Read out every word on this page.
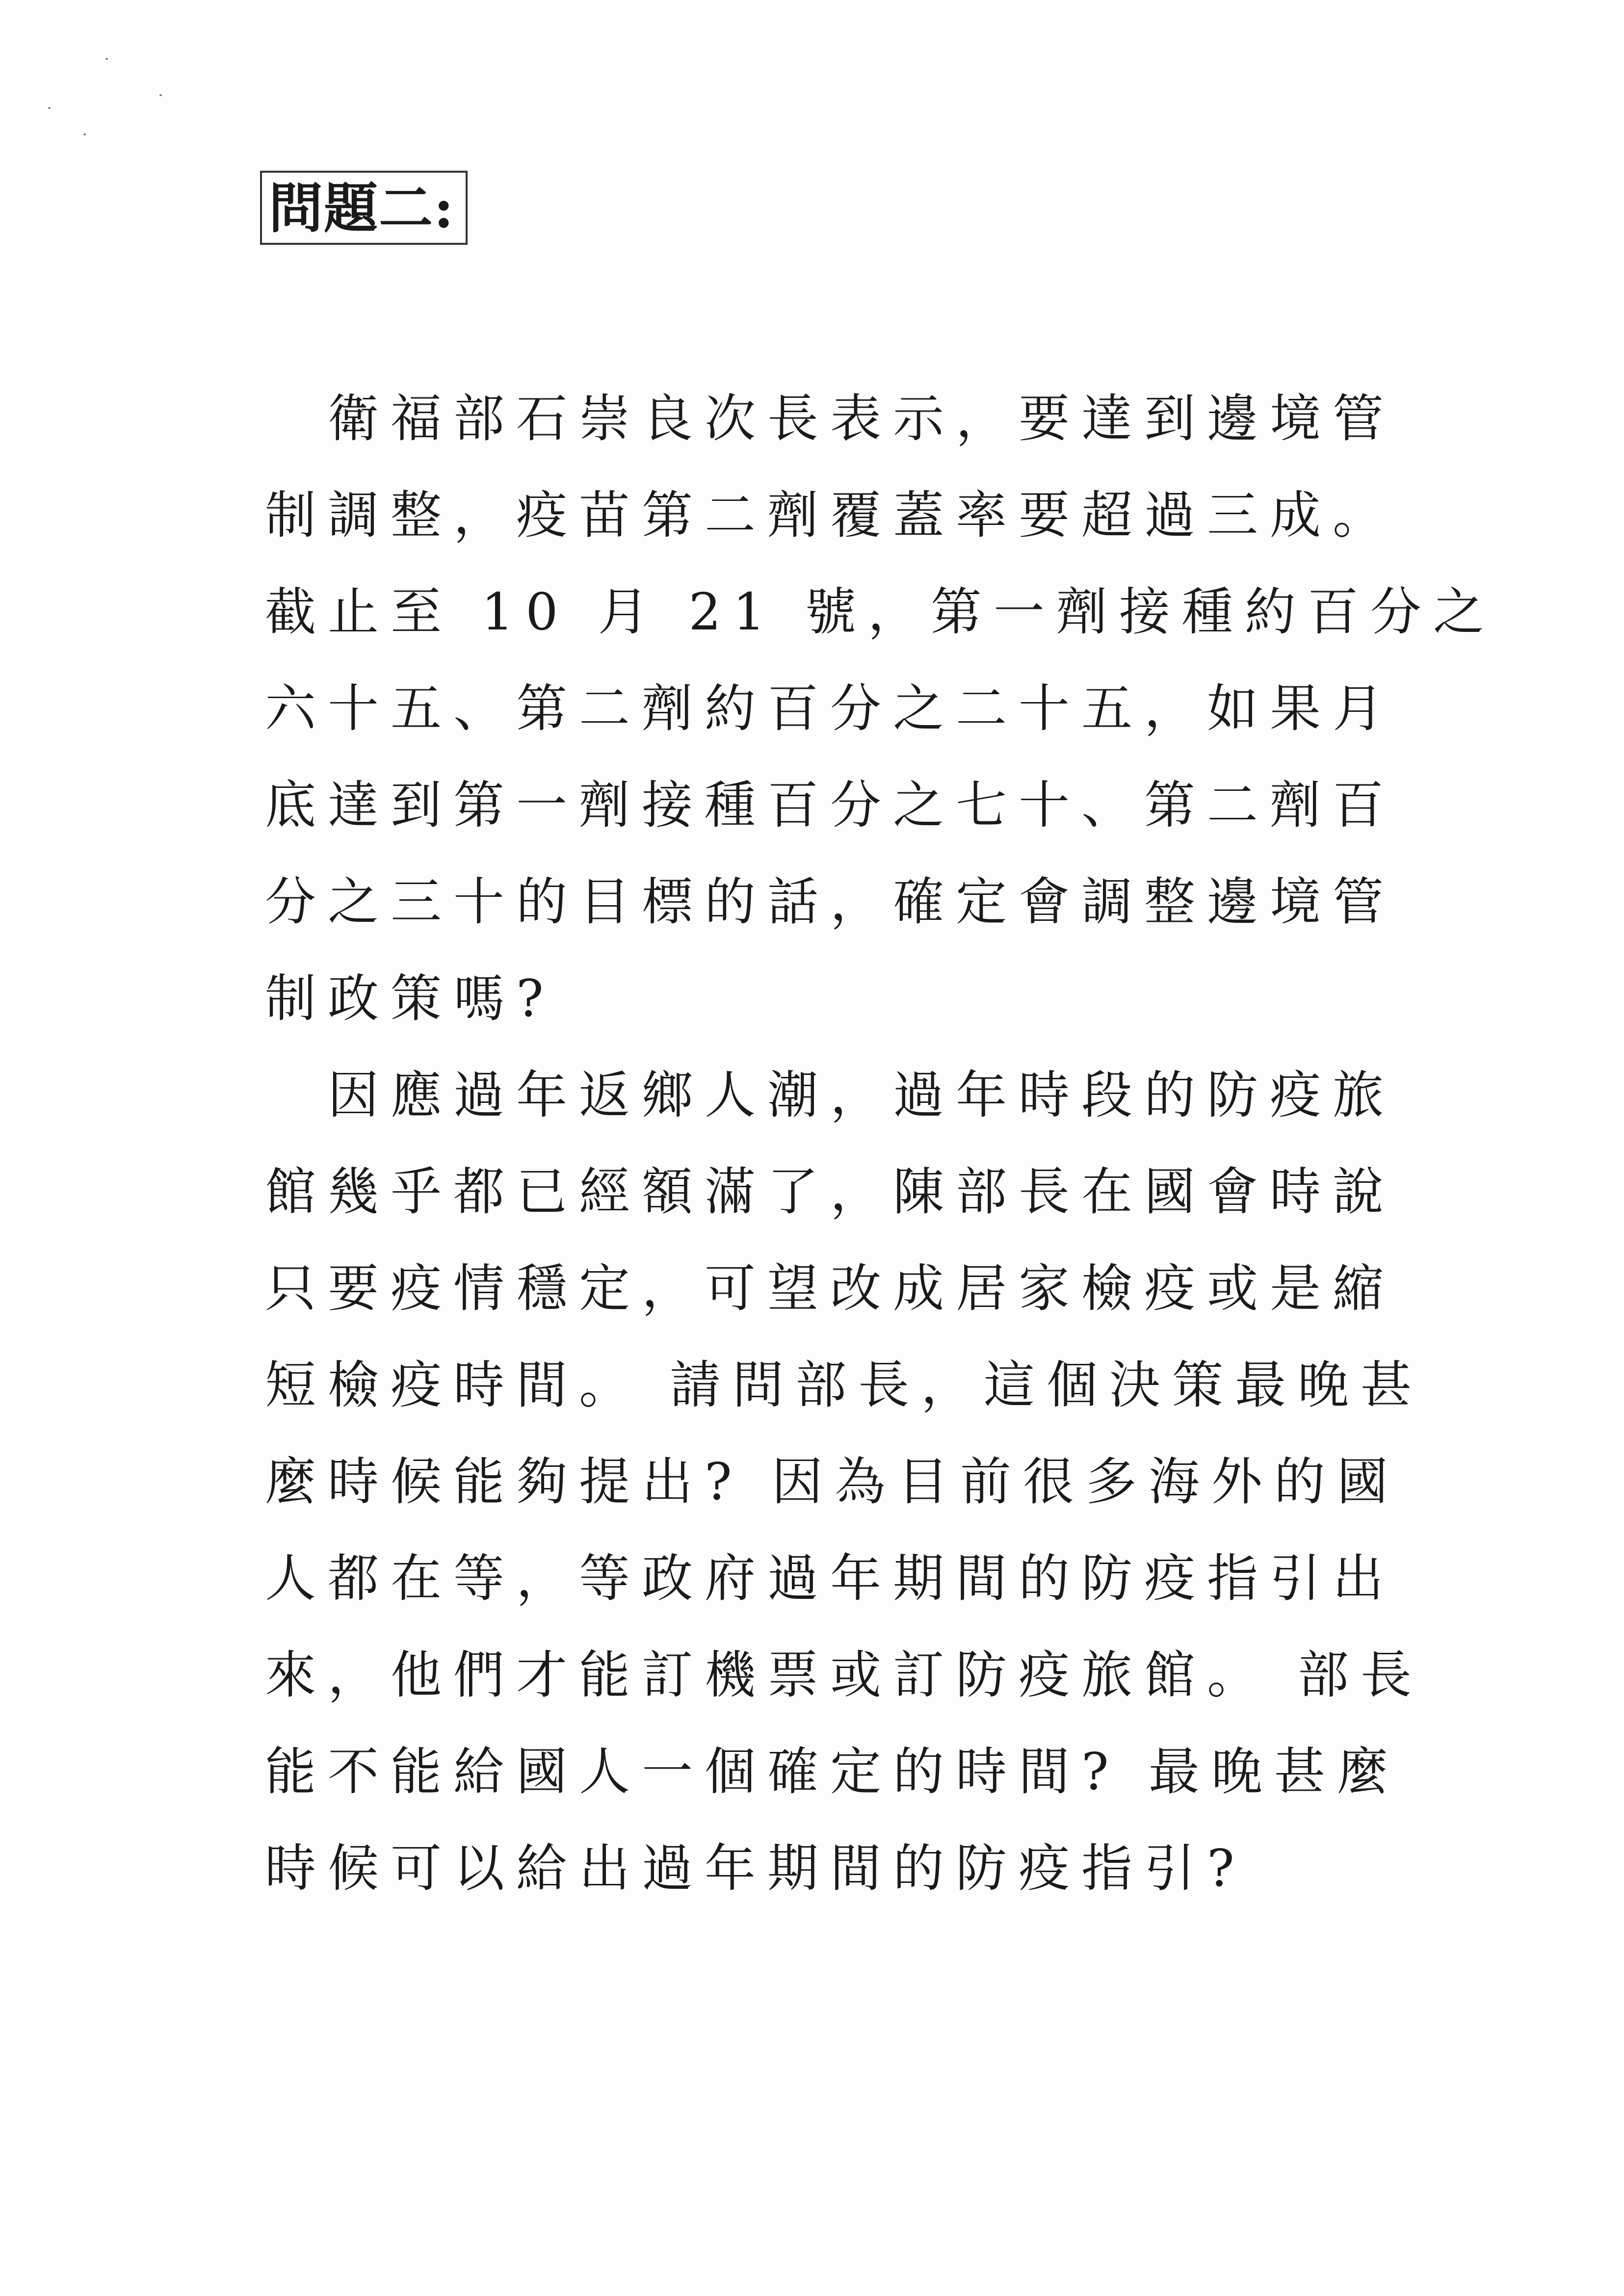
問題二:
　衛福部石崇良次長表示，要達到邊境管
制調整，疫苗第二劑覆蓋率要超過三成。
截止至 10 月 21 號，第一劑接種約百分之
六十五、第二劑約百分之二十五，如果月
底達到第一劑接種百分之七十、第二劑百
分之三十的目標的話，確定會調整邊境管
制政策嗎?
　因應過年返鄉人潮，過年時段的防疫旅
館幾乎都已經額滿了，陳部長在國會時說
只要疫情穩定，可望改成居家檢疫或是縮
短檢疫時間。 請問部長，這個決策最晚甚
麼時候能夠提出? 因為目前很多海外的國
人都在等，等政府過年期間的防疫指引出
來，他們才能訂機票或訂防疫旅館。 部長
能不能給國人一個確定的時間? 最晚甚麼
時候可以給出過年期間的防疫指引?
